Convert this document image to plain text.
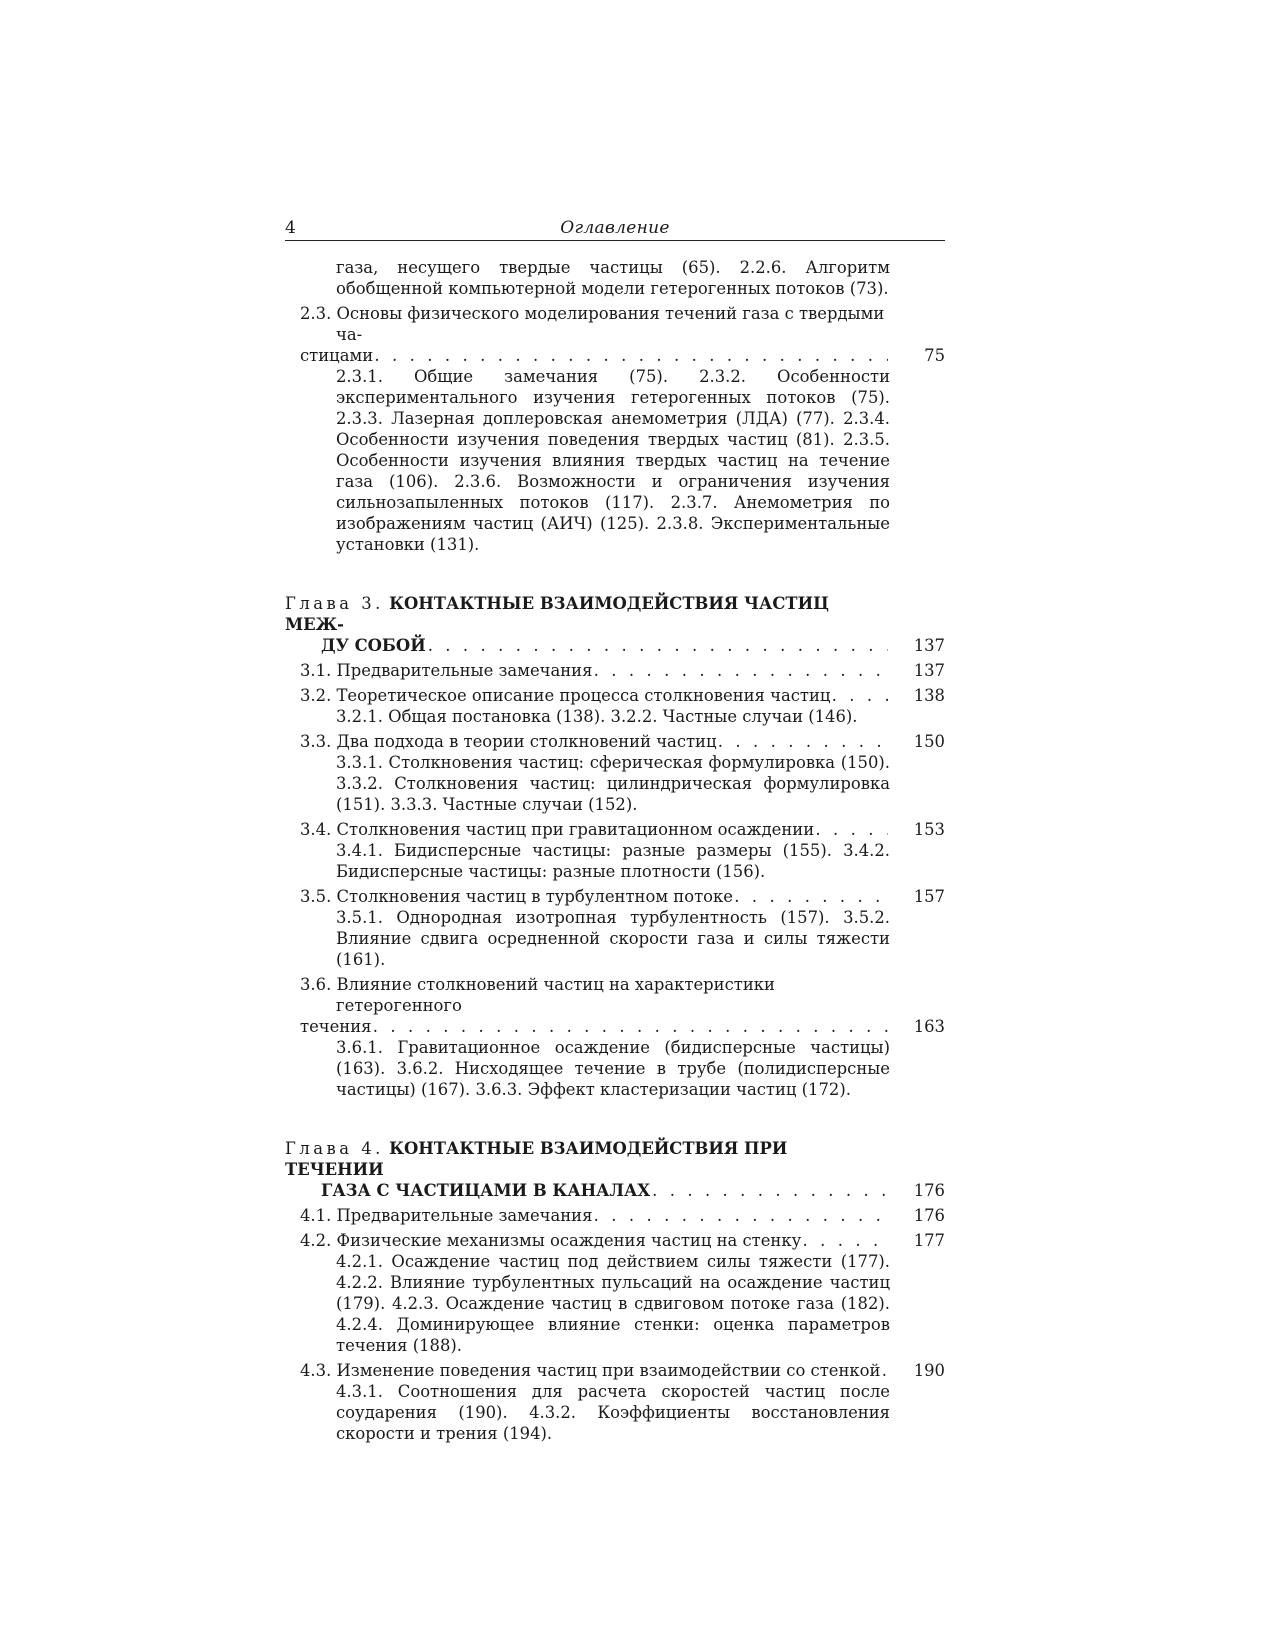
4	Оглавление
газа, несущего твердые частицы (65). 2.2.6. Алгоритм обобщенной компьютерной модели гетерогенных потоков (73).
2.3. Основы физического моделирования течений газа с твердыми ча-
стицами . . .	75
2.3.1. Общие замечания (75). 2.3.2. Особенности экспериментального изучения гетерогенных потоков (75). 2.3.3. Лазерная доплеровская анемометрия (ЛДА) (77). 2.3.4. Особенности изучения поведения твердых частиц (81). 2.3.5. Особенности изучения влияния твердых частиц на течение газа (106). 2.3.6. Возможности и ограничения изучения сильнозапыленных потоков (117). 2.3.7. Анемометрия по изображениям частиц (АИЧ) (125). 2.3.8. Экспериментальные установки (131).
Глава 3. КОНТАКТНЫЕ ВЗАИМОДЕЙСТВИЯ ЧАСТИЦ МЕЖ-
ДУ СОБОЙ . . .	137
3.1. Предварительные замечания . . .	137
3.2. Теоретическое описание процесса столкновения частиц . . .	138
3.2.1. Общая постановка (138). 3.2.2. Частные случаи (146).
3.3. Два подхода в теории столкновений частиц . . .	150
3.3.1. Столкновения частиц: сферическая формулировка (150). 3.3.2. Столкновения частиц: цилиндрическая формулировка (151). 3.3.3. Частные случаи (152).
3.4. Столкновения частиц при гравитационном осаждении . . .	153
3.4.1. Бидисперсные частицы: разные размеры (155). 3.4.2. Бидисперсные частицы: разные плотности (156).
3.5. Столкновения частиц в турбулентном потоке . . .	157
3.5.1. Однородная изотропная турбулентность (157). 3.5.2. Влияние сдвига осредненной скорости газа и силы тяжести (161).
3.6. Влияние столкновений частиц на характеристики гетерогенного
течения . . .	163
3.6.1. Гравитационное осаждение (бидисперсные частицы) (163). 3.6.2. Нисходящее течение в трубе (полидисперсные частицы) (167). 3.6.3. Эффект кластеризации частиц (172).
Глава 4. КОНТАКТНЫЕ ВЗАИМОДЕЙСТВИЯ ПРИ ТЕЧЕНИИ
ГАЗА С ЧАСТИЦАМИ В КАНАЛАХ . . .	176
4.1. Предварительные замечания . . .	176
4.2. Физические механизмы осаждения частиц на стенку . . .	177
4.2.1. Осаждение частиц под действием силы тяжести (177). 4.2.2. Влияние турбулентных пульсаций на осаждение частиц (179). 4.2.3. Осаждение частиц в сдвиговом потоке газа (182). 4.2.4. Доминирующее влияние стенки: оценка параметров течения (188).
4.3. Изменение поведения частиц при взаимодействии со стенкой . . .	190
4.3.1. Соотношения для расчета скоростей частиц после соударения (190). 4.3.2. Коэффициенты восстановления скорости и трения (194).
